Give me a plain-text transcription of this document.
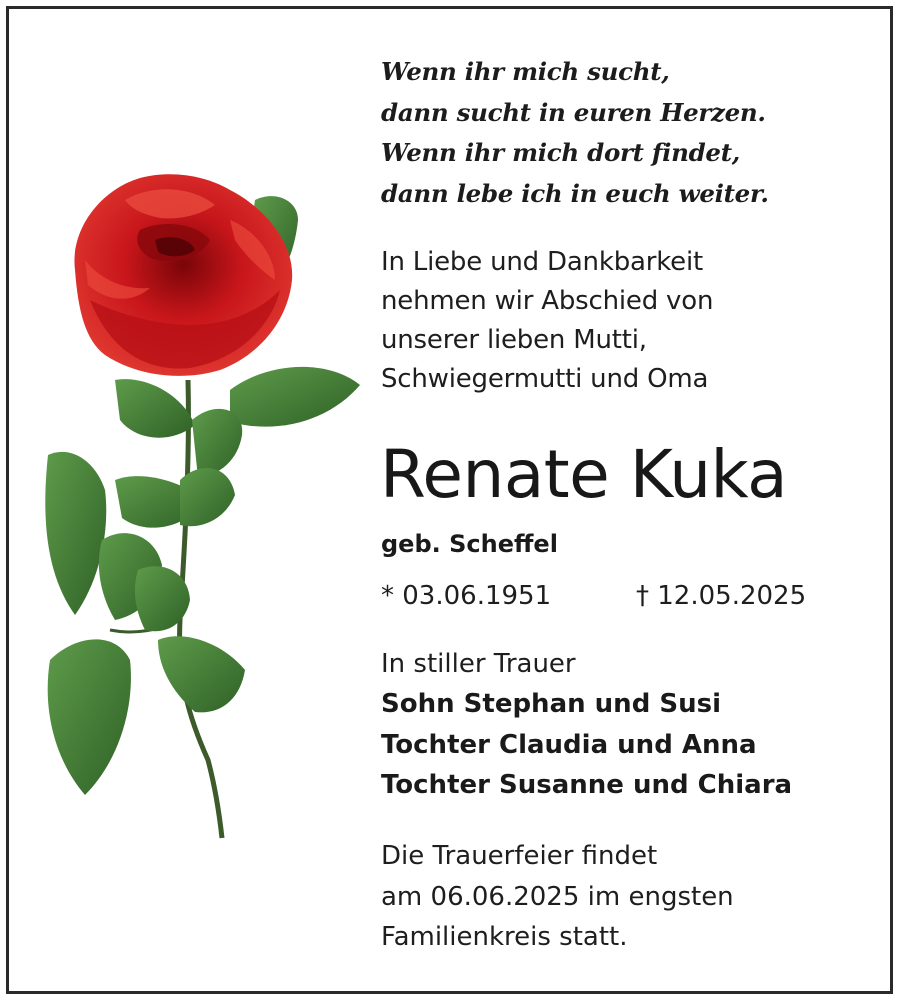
Wenn ihr mich sucht,
dann sucht in euren Herzen.
Wenn ihr mich dort findet,
dann lebe ich in euch weiter.
In Liebe und Dankbarkeit
nehmen wir Abschied von
unserer lieben Mutti,
Schwiegermutti und Oma
Renate Kuka
geb. Scheffel
* 03.06.1951	† 12.05.2025
In stiller Trauer
Sohn Stephan und Susi
Tochter Claudia und Anna
Tochter Susanne und Chiara
Die Trauerfeier findet
am 06.06.2025 im engsten
Familienkreis statt.
